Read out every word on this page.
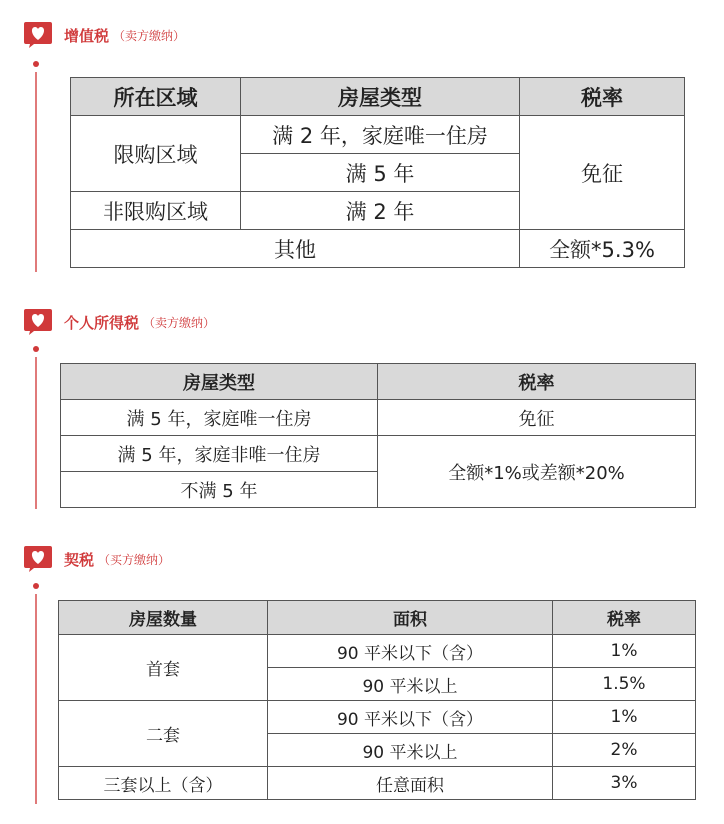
增值税 （卖方缴纳）
所在区域	房屋类型	税率
限购区域	满 2 年，家庭唯一住房	免征
	满 5 年	
非限购区域	满 2 年	
其他		全额*5.3%
个人所得税 （卖方缴纳）
房屋类型	税率
满 5 年，家庭唯一住房	免征
满 5 年，家庭非唯一住房	全额*1%或差额*20%
不满 5 年	
契税 （买方缴纳）
房屋数量	面积	税率
首套	90 平米以下（含）	1%
	90 平米以上	1.5%
二套	90 平米以下（含）	1%
	90 平米以上	2%
三套以上（含）	任意面积	3%
